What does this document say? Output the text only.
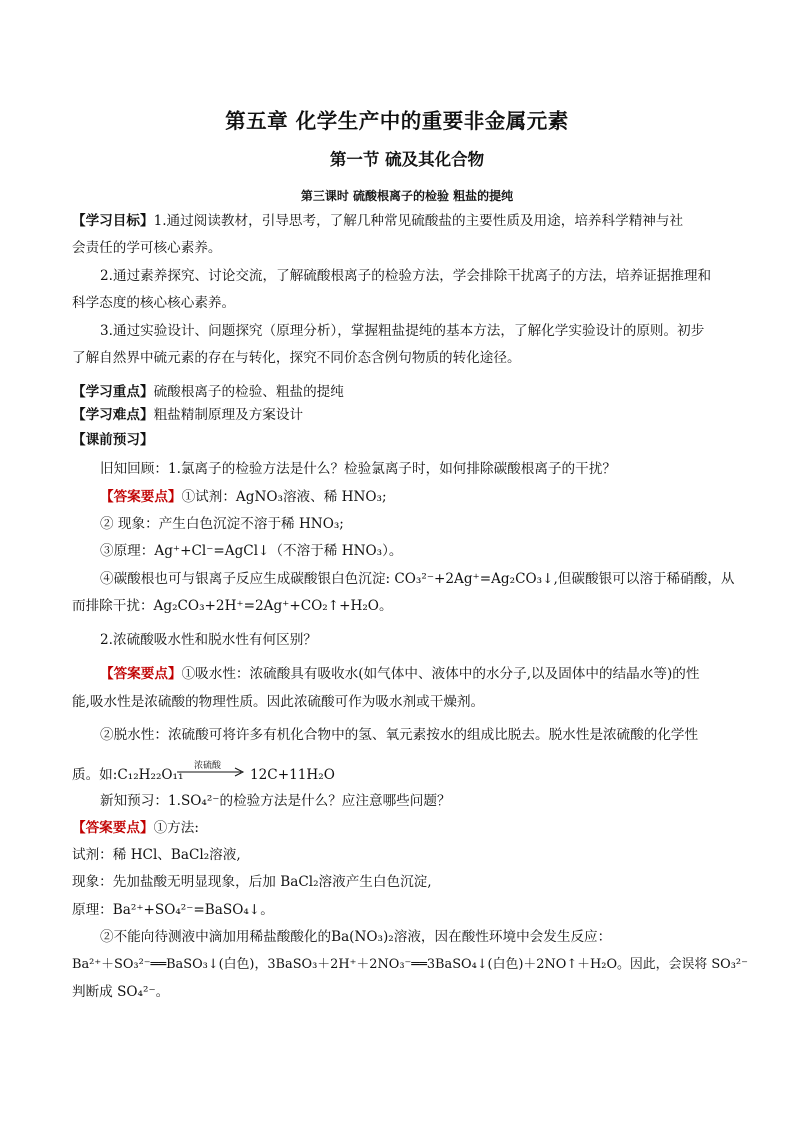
第五章 化学生产中的重要非金属元素
第一节 硫及其化合物
第三课时 硫酸根离子的检验 粗盐的提纯
【学习目标】1.通过阅读教材，引导思考，了解几种常见硫酸盐的主要性质及用途，培养科学精神与社
会责任的学可核心素养。
2.通过素养探究、讨论交流，了解硫酸根离子的检验方法，学会排除干扰离子的方法，培养证据推理和
科学态度的核心核心素养。
3.通过实验设计、问题探究（原理分析），掌握粗盐提纯的基本方法，了解化学实验设计的原则。初步
了解自然界中硫元素的存在与转化，探究不同价态含例句物质的转化途径。
【学习重点】硫酸根离子的检验、粗盐的提纯
【学习难点】粗盐精制原理及方案设计
【课前预习】
旧知回顾：1.氯离子的检验方法是什么？检验氯离子时，如何排除碳酸根离子的干扰？
【答案要点】①试剂：AgNO₃溶液、稀 HNO₃;
② 现象：产生白色沉淀不溶于稀 HNO₃;
③原理：Ag⁺+Cl⁻=AgCl↓（不溶于稀 HNO₃）。
④碳酸根也可与银离子反应生成碳酸银白色沉淀: CO₃²⁻+2Ag⁺=Ag₂CO₃↓,但碳酸银可以溶于稀硝酸，从
而排除干扰：Ag₂CO₃+2H⁺=2Ag⁺+CO₂↑+H₂O。
2.浓硫酸吸水性和脱水性有何区别？
【答案要点】①吸水性：浓硫酸具有吸收水(如气体中、液体中的水分子,以及固体中的结晶水等)的性
能,吸水性是浓硫酸的物理性质。因此浓硫酸可作为吸水剂或干燥剂。
②脱水性：浓硫酸可将许多有机化合物中的氢、氧元素按水的组成比脱去。脱水性是浓硫酸的化学性
质。如:C₁₂H₂₂O₁₁
浓硫酸
12C+11H₂O
新知预习：1.SO₄²⁻的检验方法是什么？应注意哪些问题？
【答案要点】①方法:
试剂：稀 HCl、BaCl₂溶液,
现象：先加盐酸无明显现象，后加 BaCl₂溶液产生白色沉淀,
原理：Ba²⁺+SO₄²⁻=BaSO₄↓。
②不能向待测液中滴加用稀盐酸酸化的Ba(NO₃)₂溶液，因在酸性环境中会发生反应：
Ba²⁺＋SO₃²⁻══BaSO₃↓(白色)，3BaSO₃＋2H⁺＋2NO₃⁻══3BaSO₄↓(白色)＋2NO↑＋H₂O。因此，会误将 SO₃²⁻
判断成 SO₄²⁻。
